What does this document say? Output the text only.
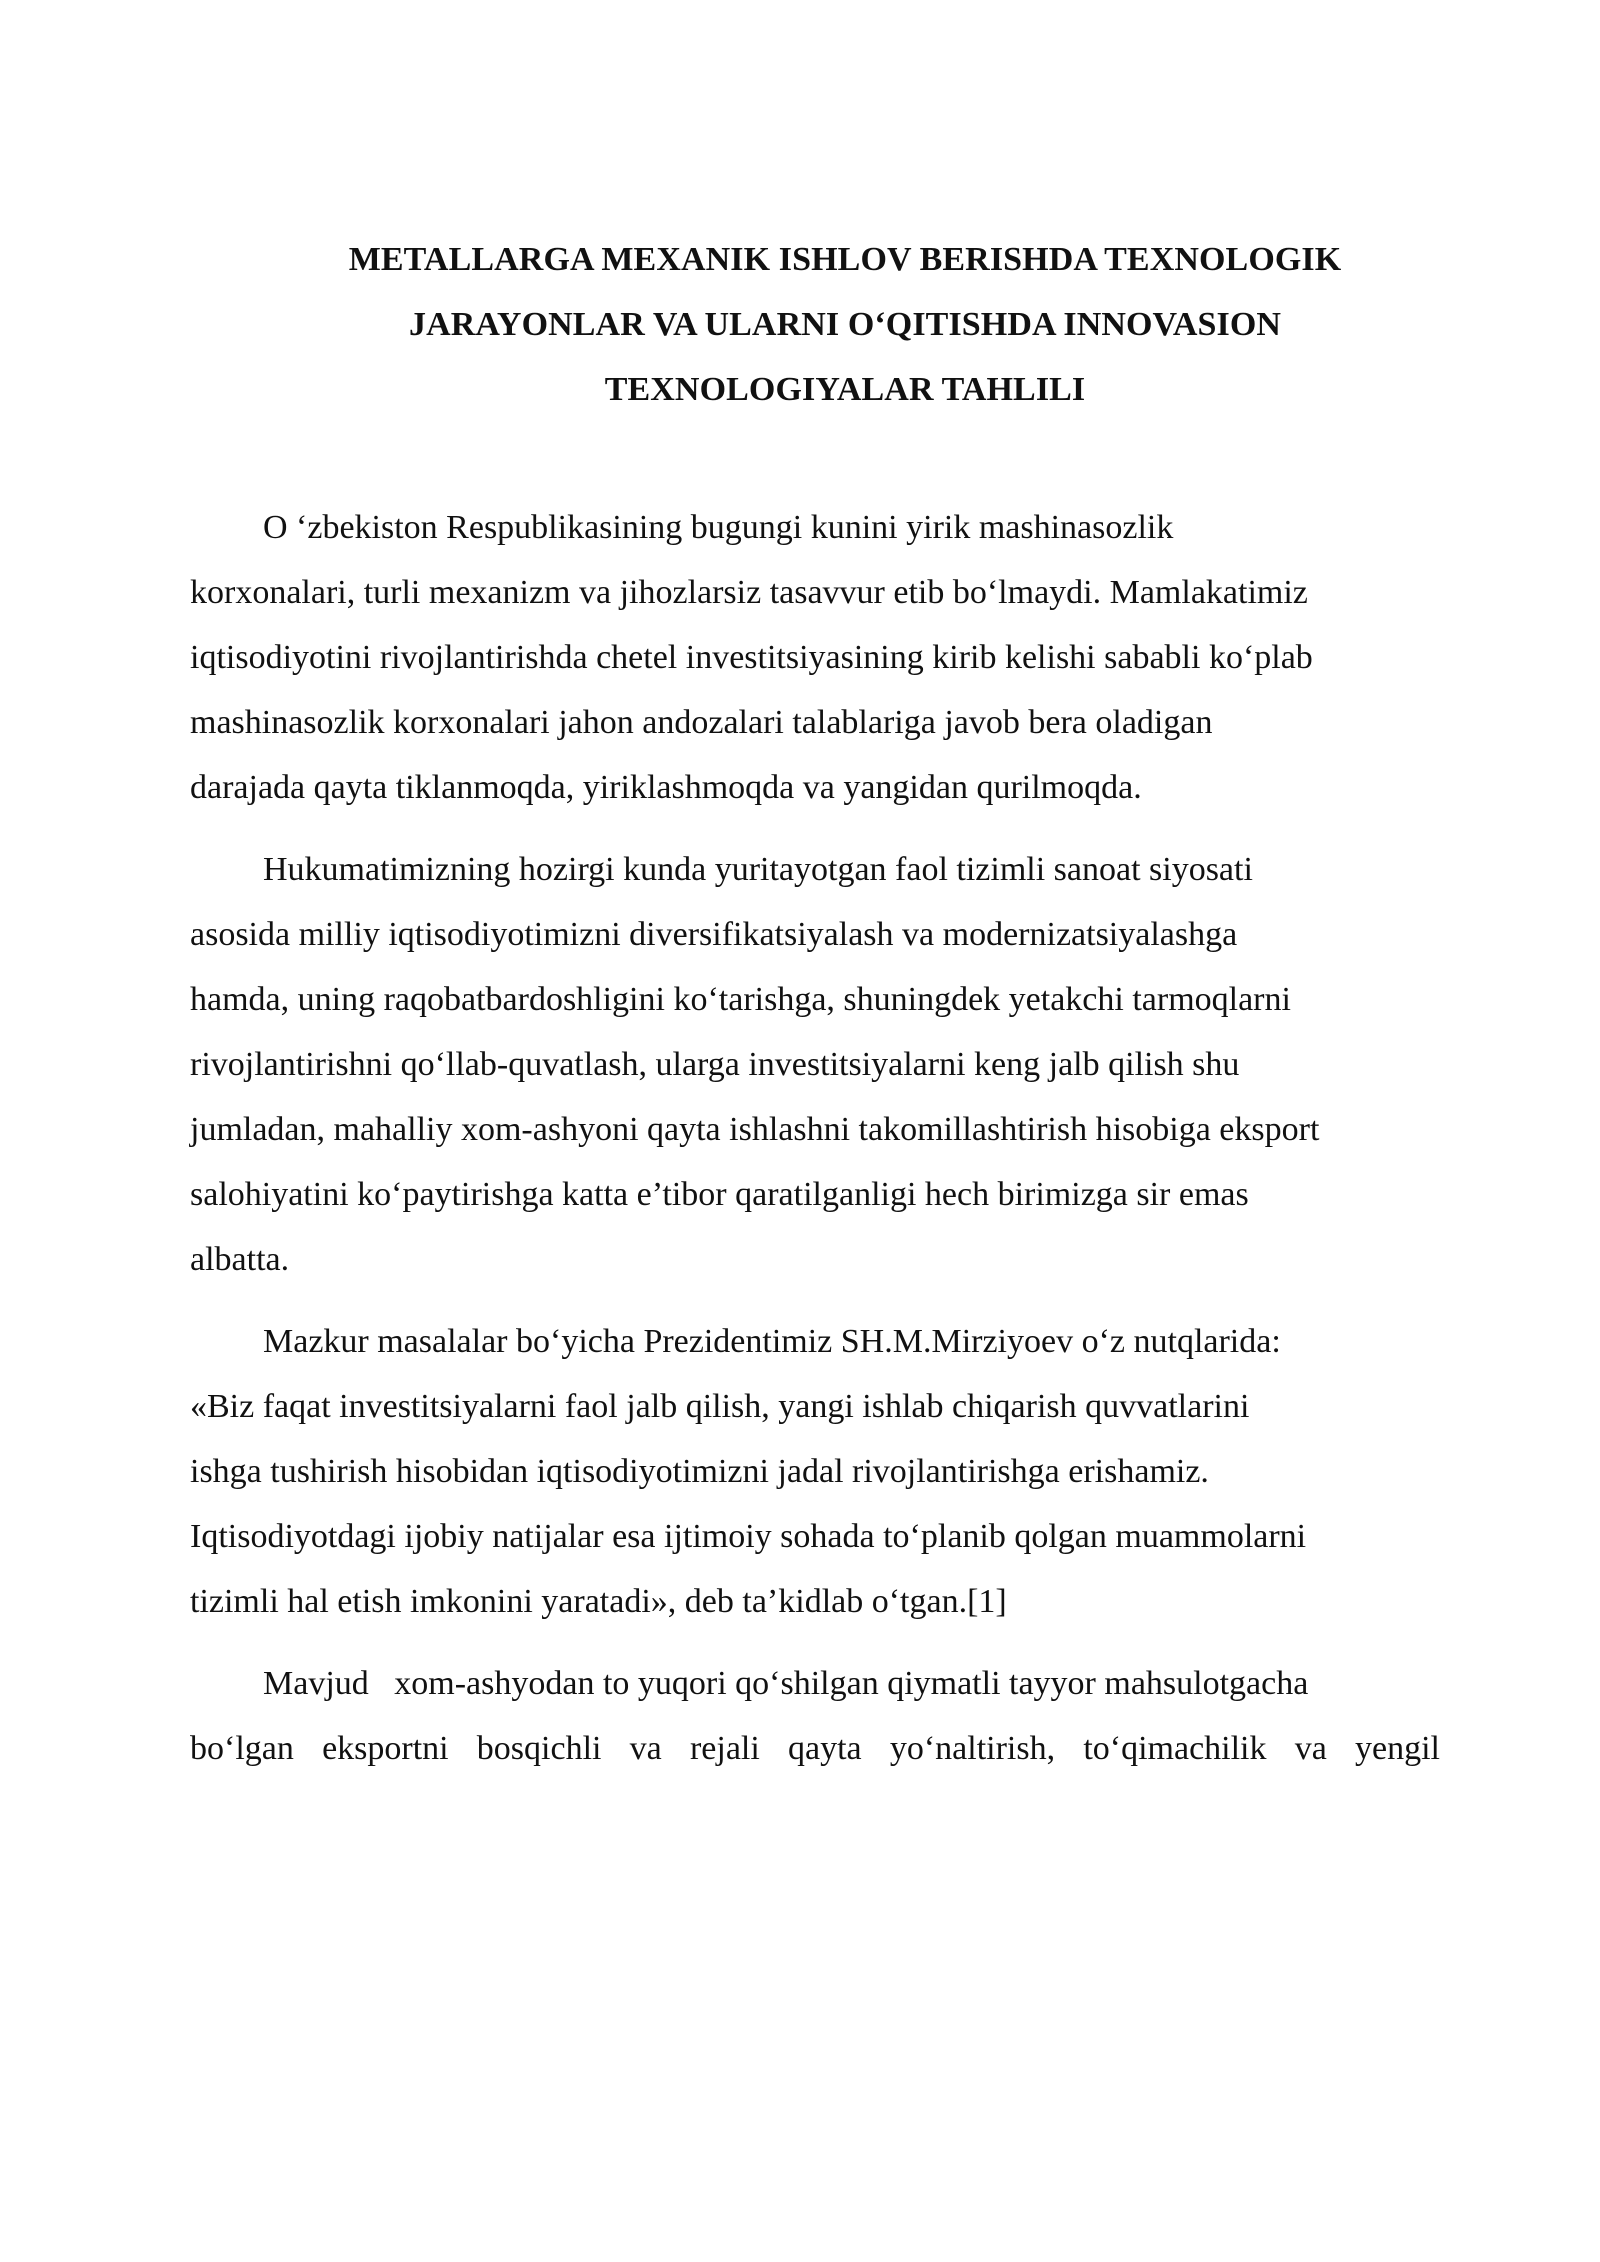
METALLARGA MEXANIK ISHLOV BERISHDA TEXNOLOGIK
JARAYONLAR VA ULARNI O‘QITISHDA INNOVASION
TEXNOLOGIYALAR TAHLILI

O ‘zbekiston Respublikasining bugungi kunini yirik mashinasozlik
korxonalari, turli mexanizm va jihozlarsiz tasavvur etib bo‘lmaydi. Mamlakatimiz
iqtisodiyotini rivojlantirishda chetel investitsiyasining kirib kelishi sababli ko‘plab
mashinasozlik korxonalari jahon andozalari talablariga javob bera oladigan
darajada qayta tiklanmoqda, yiriklashmoqda va yangidan qurilmoqda.

Hukumatimizning hozirgi kunda yuritayotgan faol tizimli sanoat siyosati
asosida milliy iqtisodiyotimizni diversifikatsiyalash va modernizatsiyalashga
hamda, uning raqobatbardoshligini ko‘tarishga, shuningdek yetakchi tarmoqlarni
rivojlantirishni qo‘llab-quvatlash, ularga investitsiyalarni keng jalb qilish shu
jumladan, mahalliy xom-ashyoni qayta ishlashni takomillashtirish hisobiga eksport
salohiyatini ko‘paytirishga katta e’tibor qaratilganligi hech birimizga sir emas
albatta.

Mazkur masalalar bo‘yicha Prezidentimiz SH.M.Mirziyoev o‘z nutqlarida:
«Biz faqat investitsiyalarni faol jalb qilish, yangi ishlab chiqarish quvvatlarini
ishga tushirish hisobidan iqtisodiyotimizni jadal rivojlantirishga erishamiz.
Iqtisodiyotdagi ijobiy natijalar esa ijtimoiy sohada to‘planib qolgan muammolarni
tizimli hal etish imkonini yaratadi», deb ta’kidlab o‘tgan.[1]

Mavjud   xom-ashyodan to yuqori qo‘shilgan qiymatli tayyor mahsulotgacha
bo‘lgan eksportni bosqichli va rejali qayta yo‘naltirish, to‘qimachilik va yengil
